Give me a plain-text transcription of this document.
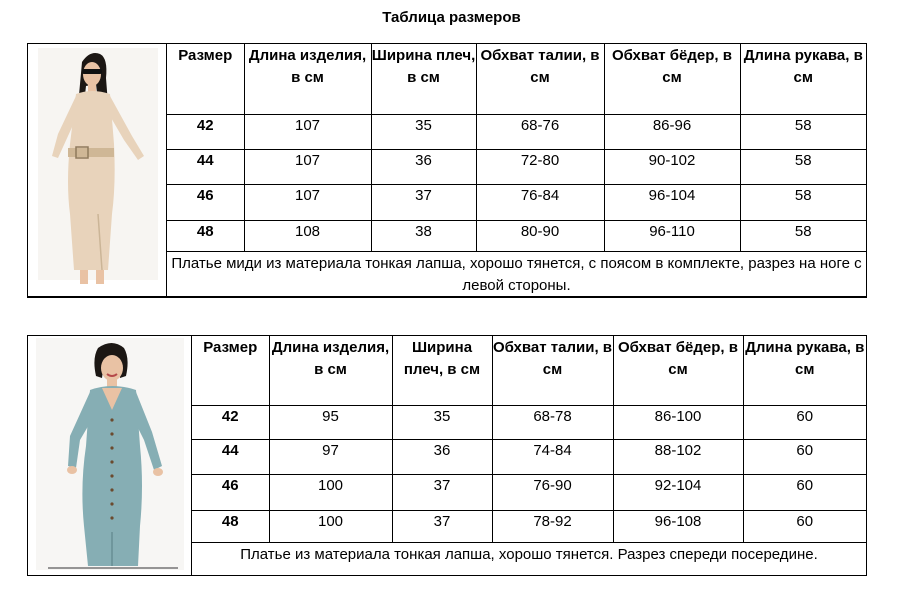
Таблица размеров
Размер	Длина изделия, в см	Ширина плеч, в см	Обхват талии, в см	Обхват бёдер, в см	Длина рукава, в см
42	107	35	68-76	86-96	58
44	107	36	72-80	90-102	58
46	107	37	76-84	96-104	58
48	108	38	80-90	96-110	58
Платье миди из материала тонкая лапша, хорошо тянется, с поясом в комплекте, разрез на ноге с левой стороны.					
Размер	Длина изделия, в см	Ширина плеч, в см	Обхват талии, в см	Обхват бёдер, в см	Длина рукава, в см
42	95	35	68-78	86-100	60
44	97	36	74-84	88-102	60
46	100	37	76-90	92-104	60
48	100	37	78-92	96-108	60
Платье из материала тонкая лапша, хорошо тянется. Разрез спереди посередине.					
